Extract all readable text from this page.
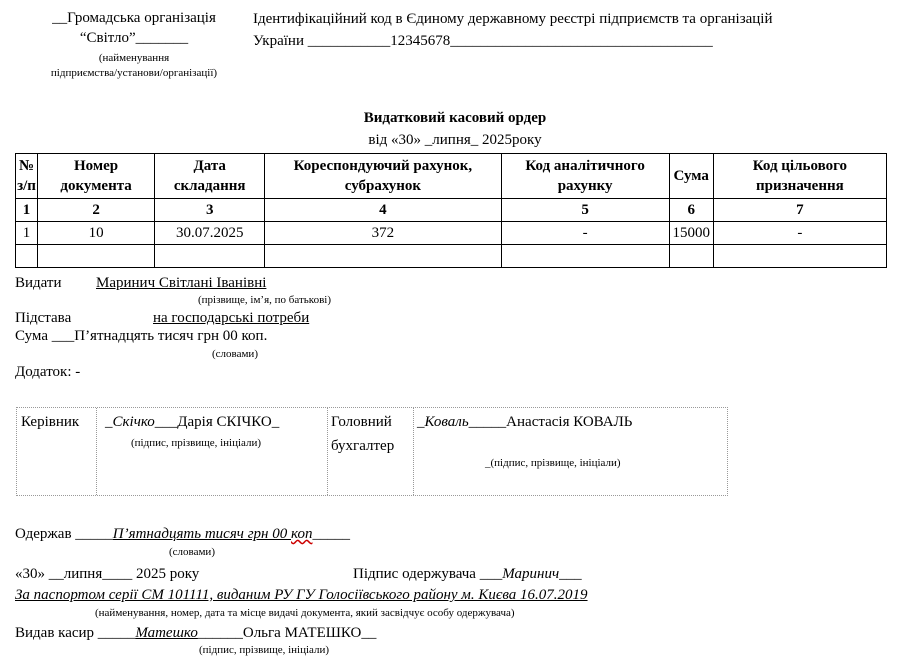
__Громадська організація
“Світло”_______
(найменування
підприємства/установи/організації)
Ідентифікаційний код в Єдиному державному реєстрі підприємств та організацій
України ___________12345678___________________________________
Видатковий касовий ордер
від «30» _липня_ 2025року
№ з/п	Номер документа	Дата складання	Кореспондуючий рахунок, субрахунок	Код аналітичного рахунку	Сума	Код цільового призначення
1	2	3	4	5	6	7
1	10	30.07.2025	372	-	15000	-

Видати Маринич Світлані Іванівні
(прізвище, ім’я, по батькові)
Підстава	на господарські потреби
Сума ___П’ятнадцять тисяч грн 00 коп.
(словами)
Додаток: -
Керівник _Скічко___Дарія СКІЧКО_
(підпис, прізвище, ініціали)
Головний
бухгалтер
_Коваль_____Анастасія КОВАЛЬ
_(підпис, прізвище, ініціали)
Одержав _____П’ятнадцять тисяч грн 00 коп_____
(словами)
«30» __липня____ 2025 року	Підпис одержувача ___Маринич___
За паспортом серії СМ 101111, виданим РУ ГУ Голосіївського району м. Києва 16.07.2019
(найменування, номер, дата та місце видачі документа, який засвідчує особу одержувача)
Видав касир _____Матешко______Ольга МАТЕШКО__
(підпис, прізвище, ініціали)
